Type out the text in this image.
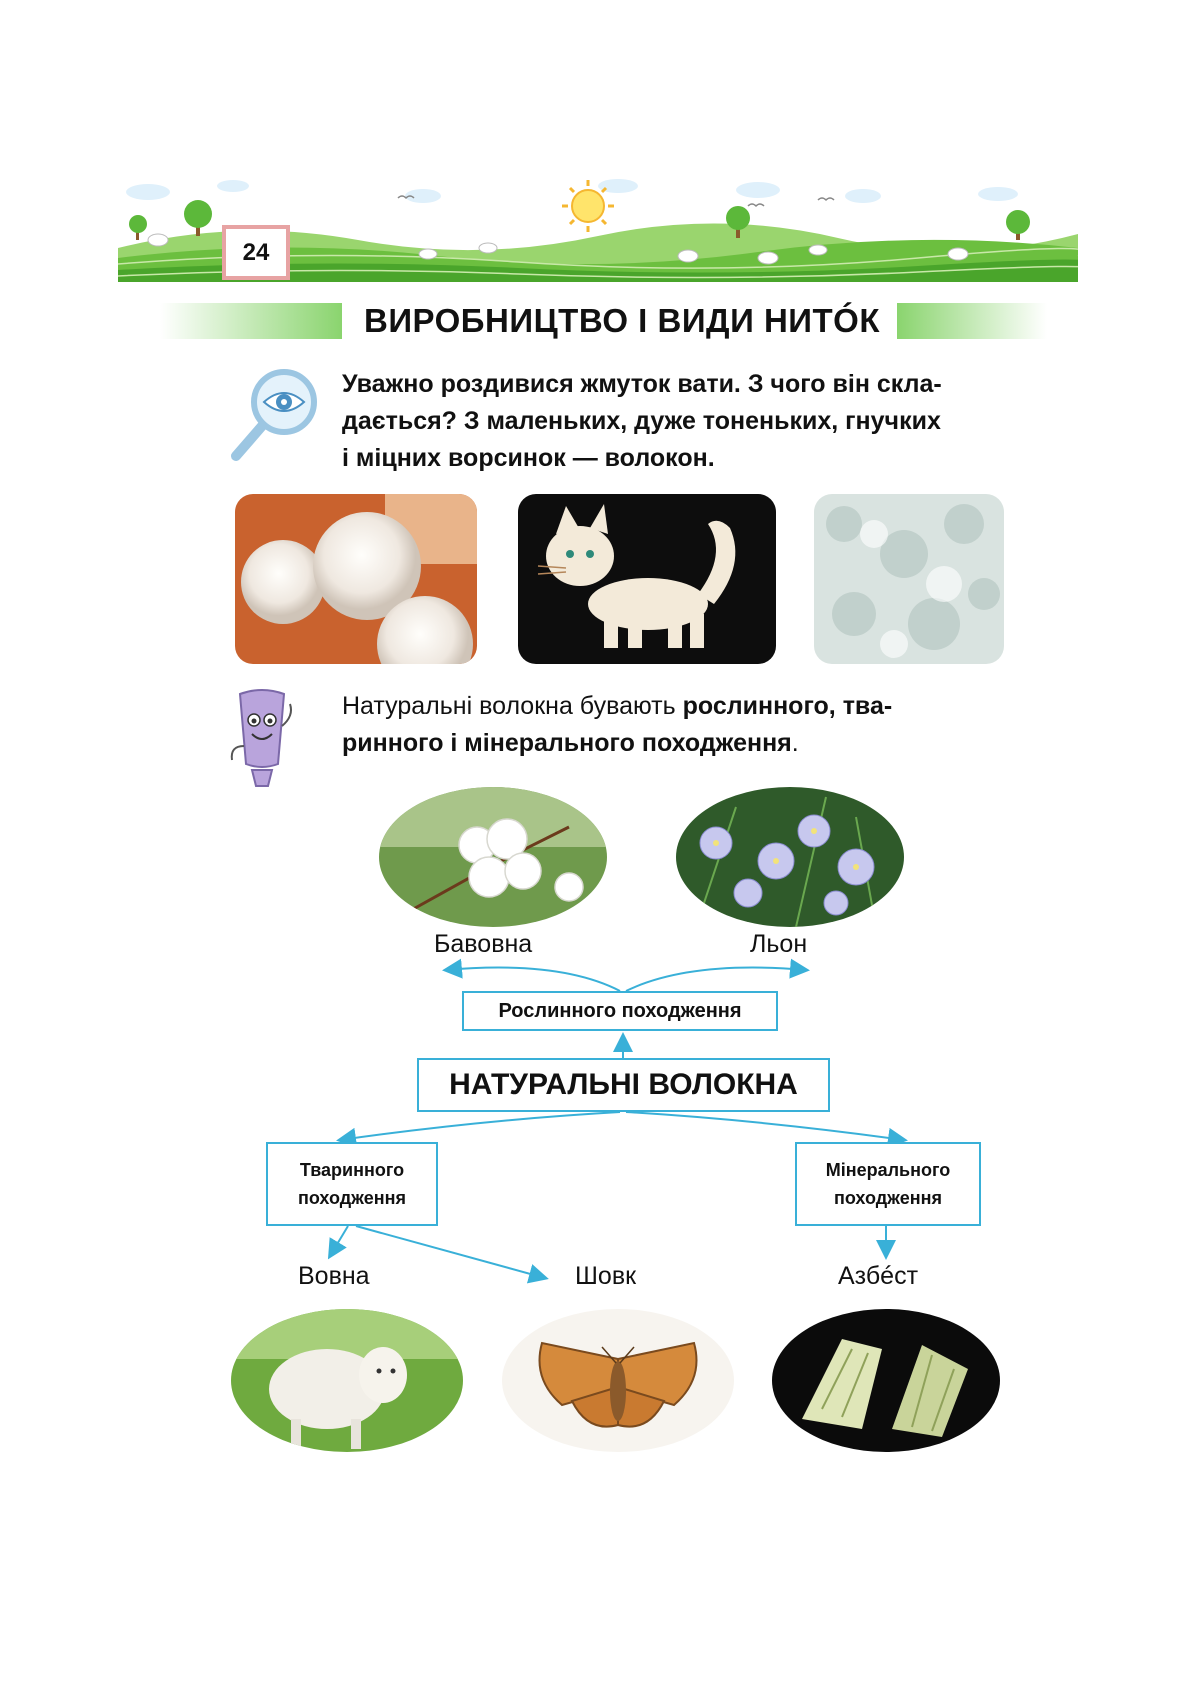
24
ВИРОБНИЦТВО І ВИДИ НИТÓК
Уважно роздивися жмуток вати. З чого він скла-
дається? З маленьких, дуже тоненьких, гнучких
і міцних ворсинок — волокон.
Натуральні волокна бувають рослинного, тва-
ринного і мінерального походження.
Бавовна	Льон
Вовна	Шовк	Азбéст
Рослинного походження
НАТУРАЛЬНІ ВОЛОКНА
Тваринного
походження
Мінерального
походження
